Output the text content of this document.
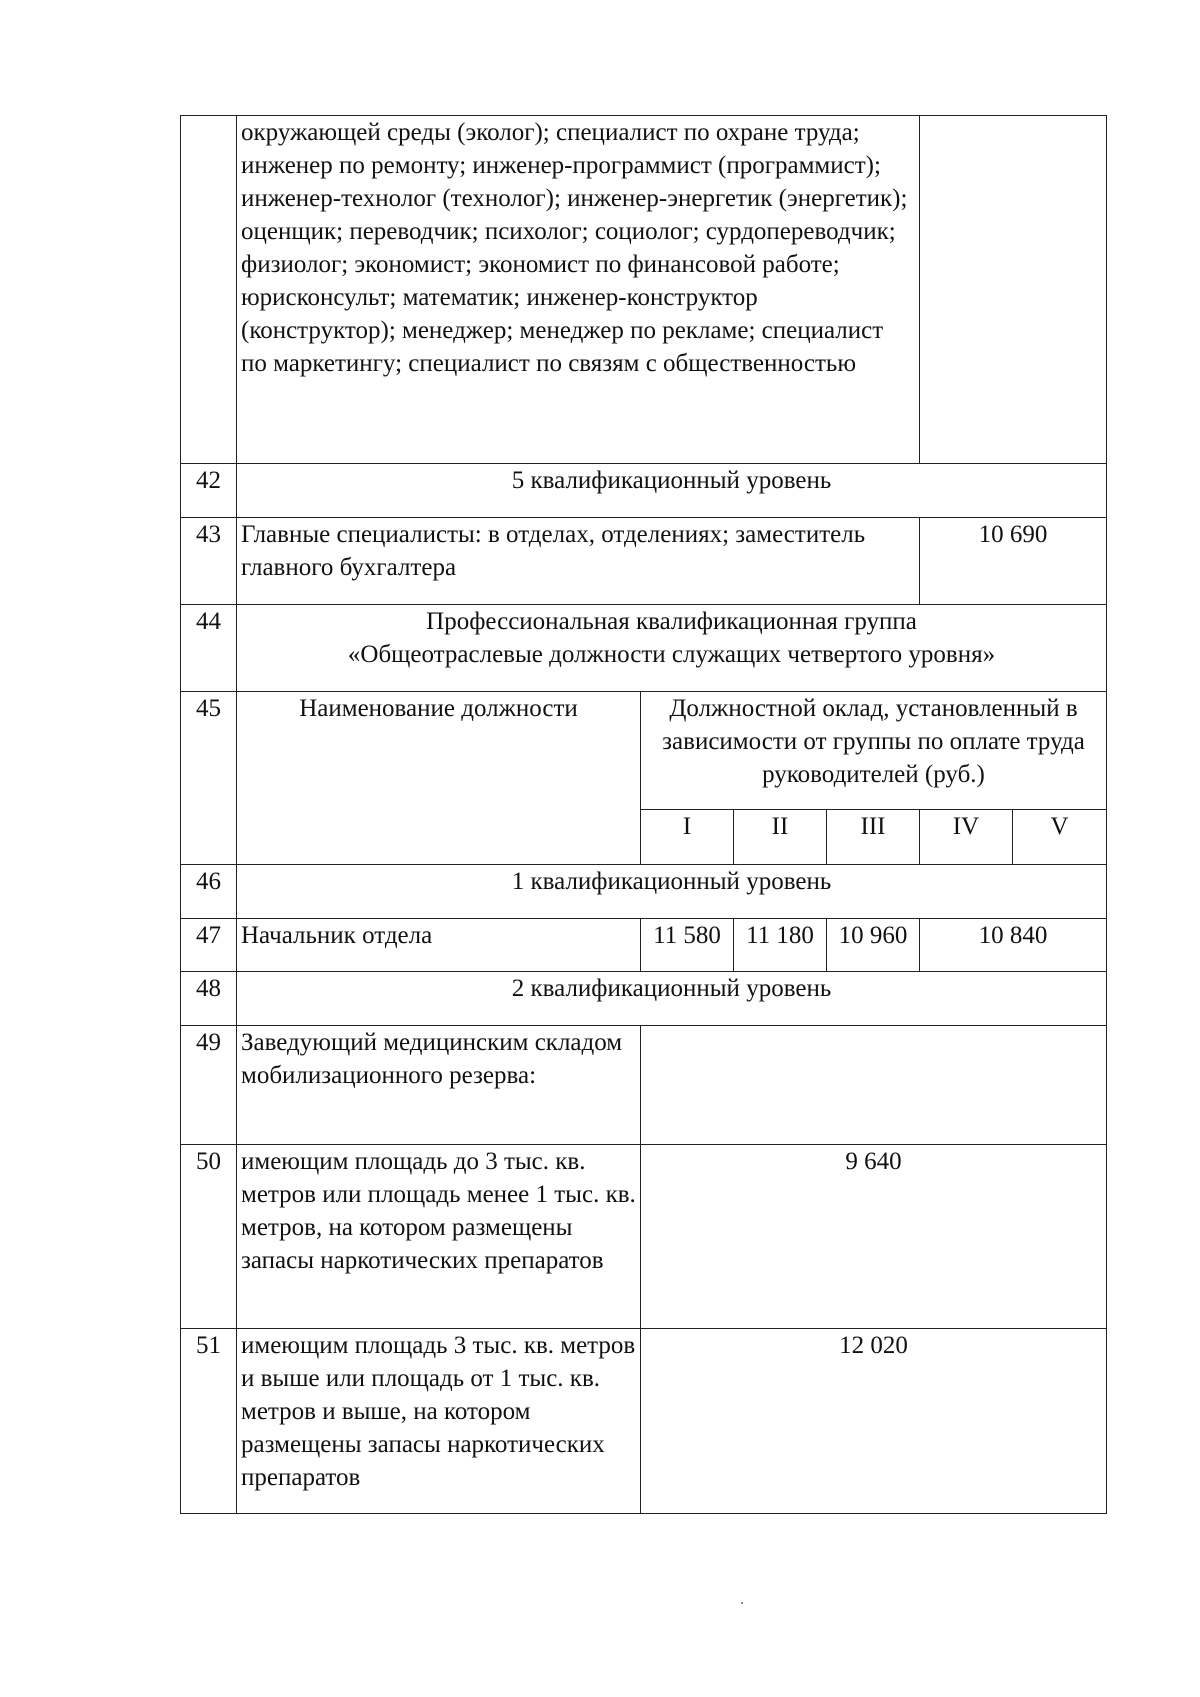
	окружающей среды (эколог); специалист по охране труда; инженер по ремонту; инженер-программист (программист); инженер-технолог (технолог); инженер-энергетик (энергетик); оценщик; переводчик; психолог; социолог; сурдопереводчик; физиолог; экономист; экономист по финансовой работе; юрисконсульт; математик; инженер-конструктор (конструктор); менеджер; менеджер по рекламе; специалист по маркетингу; специалист по связям с общественностью					
42	5 квалификационный уровень					
43	Главные специалисты: в отделах, отделениях; заместитель главного бухгалтера				10 690	
44	Профессиональная квалификационная группа
«Общеотраслевые должности служащих четвертого уровня»					

45	Наименование должности	Должностной оклад, установленный в зависимости от группы по оплате труда руководителей (руб.)				
		I	II	III	IV	V
46	1 квалификационный уровень					
47	Начальник отдела	11 580	11 180	10 960	10 840	
48	2 квалификационный уровень					
49	Заведующий медицинским складом мобилизационного резерва:					
50	имеющим площадь до 3 тыс. кв. метров или площадь менее 1 тыс. кв. метров, на котором размещены запасы наркотических препаратов	9 640				
51	имеющим площадь 3 тыс. кв. метров и выше или площадь от 1 тыс. кв. метров и выше, на котором размещены запасы наркотических препаратов	12 020				
